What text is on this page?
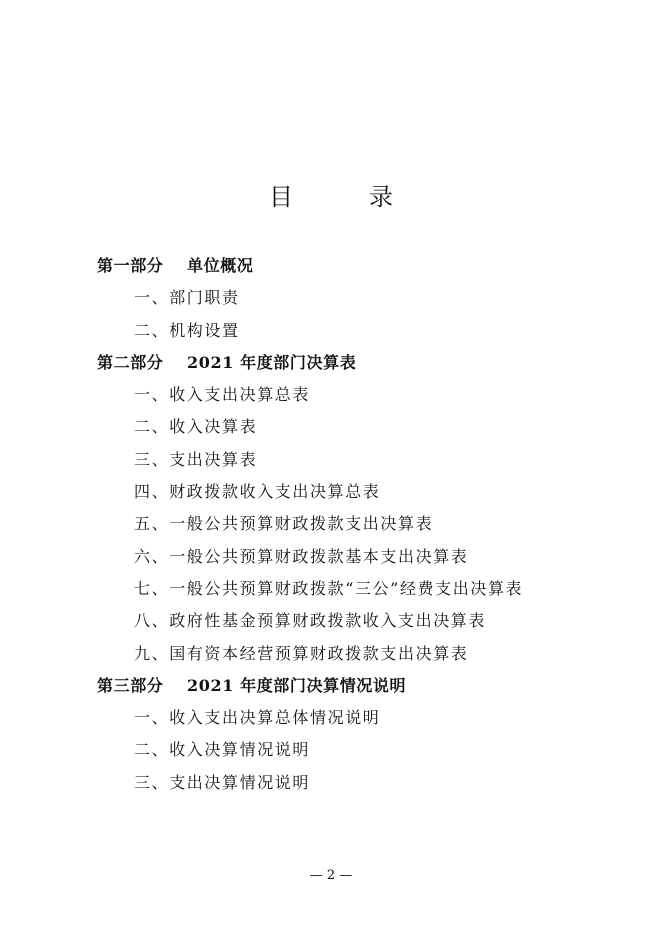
目　录
第一部分 单位概况
一、部门职责
二、机构设置
第二部分 2021 年度部门决算表
一、收入支出决算总表
二、收入决算表
三、支出决算表
四、财政拨款收入支出决算总表
五、一般公共预算财政拨款支出决算表
六、一般公共预算财政拨款基本支出决算表
七、一般公共预算财政拨款“三公”经费支出决算表
八、政府性基金预算财政拨款收入支出决算表
九、国有资本经营预算财政拨款支出决算表
第三部分 2021 年度部门决算情况说明
一、收入支出决算总体情况说明
二、收入决算情况说明
三、支出决算情况说明
— 2 —
